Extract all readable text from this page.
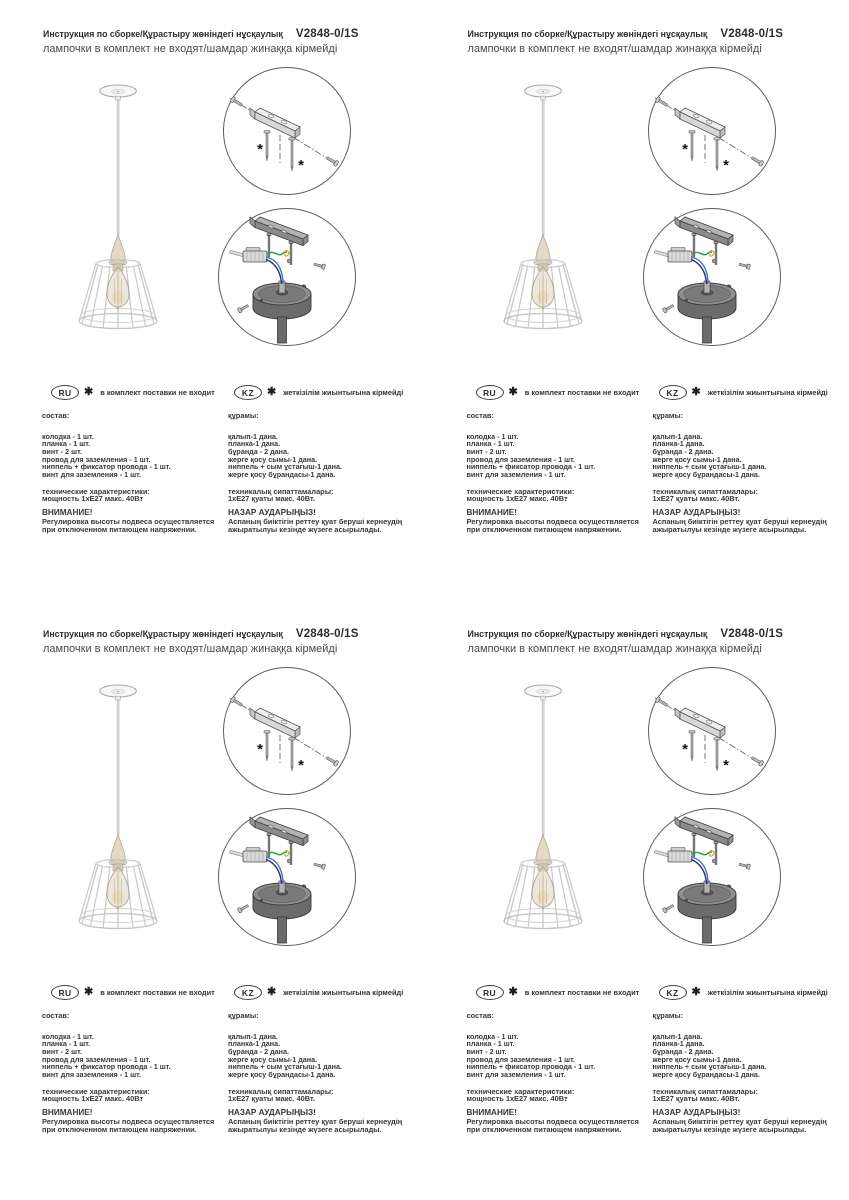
Инструкция по сборке/Құрастыру жөніндегі нұсқаулық V2848-0/1S
лампочки в комплект не входят/шамдар жинаққа кірмейді
*
*
RU	✱ в комплект поставки не входит	KZ	✱ жеткізілім жиынтығына кірмейді
состав:
колодка - 1 шт.
планка - 1 шт.
винт - 2 шт.
провод для заземления - 1 шт.
ниппель + фиксатор провода - 1 шт.
винт для заземления - 1 шт.
технические характеристики:
мощность 1хЕ27 макс. 40Вт
ВНИМАНИЕ!
Регулировка высоты подвеса осуществляется
при отключенном питающем напряжении.
құрамы:
қалып-1 дана.
планка-1 дана.
бұранда - 2 дана.
жерге қосу сымы-1 дана.
ниппель + сым ұстағыш-1 дана.
жерге қосу бұрандасы-1 дана.
техникалық сипаттамалары:
1хЕ27 қуаты макс. 40Вт.
НАЗАР АУДАРЫҢЫЗ!
Аспаның биіктігін реттеу қуат беруші кернеудің
ажыратылуы кезінде жүзеге асырылады.
Инструкция по сборке/Құрастыру жөніндегі нұсқаулық V2848-0/1S
лампочки в комплект не входят/шамдар жинаққа кірмейді
*
*
RU	✱ в комплект поставки не входит	KZ	✱ жеткізілім жиынтығына кірмейді
состав:
колодка - 1 шт.
планка - 1 шт.
винт - 2 шт.
провод для заземления - 1 шт.
ниппель + фиксатор провода - 1 шт.
винт для заземления - 1 шт.
технические характеристики:
мощность 1хЕ27 макс. 40Вт
ВНИМАНИЕ!
Регулировка высоты подвеса осуществляется
при отключенном питающем напряжении.
құрамы:
қалып-1 дана.
планка-1 дана.
бұранда - 2 дана.
жерге қосу сымы-1 дана.
ниппель + сым ұстағыш-1 дана.
жерге қосу бұрандасы-1 дана.
техникалық сипаттамалары:
1хЕ27 қуаты макс. 40Вт.
НАЗАР АУДАРЫҢЫЗ!
Аспаның биіктігін реттеу қуат беруші кернеудің
ажыратылуы кезінде жүзеге асырылады.
Инструкция по сборке/Құрастыру жөніндегі нұсқаулық V2848-0/1S
лампочки в комплект не входят/шамдар жинаққа кірмейді
*
*
RU	✱ в комплект поставки не входит	KZ	✱ жеткізілім жиынтығына кірмейді
состав:
колодка - 1 шт.
планка - 1 шт.
винт - 2 шт.
провод для заземления - 1 шт.
ниппель + фиксатор провода - 1 шт.
винт для заземления - 1 шт.
технические характеристики:
мощность 1хЕ27 макс. 40Вт
ВНИМАНИЕ!
Регулировка высоты подвеса осуществляется
при отключенном питающем напряжении.
құрамы:
қалып-1 дана.
планка-1 дана.
бұранда - 2 дана.
жерге қосу сымы-1 дана.
ниппель + сым ұстағыш-1 дана.
жерге қосу бұрандасы-1 дана.
техникалық сипаттамалары:
1хЕ27 қуаты макс. 40Вт.
НАЗАР АУДАРЫҢЫЗ!
Аспаның биіктігін реттеу қуат беруші кернеудің
ажыратылуы кезінде жүзеге асырылады.
Инструкция по сборке/Құрастыру жөніндегі нұсқаулық V2848-0/1S
лампочки в комплект не входят/шамдар жинаққа кірмейді
*
*
RU	✱ в комплект поставки не входит	KZ	✱ жеткізілім жиынтығына кірмейді
состав:
колодка - 1 шт.
планка - 1 шт.
винт - 2 шт.
провод для заземления - 1 шт.
ниппель + фиксатор провода - 1 шт.
винт для заземления - 1 шт.
технические характеристики:
мощность 1хЕ27 макс. 40Вт
ВНИМАНИЕ!
Регулировка высоты подвеса осуществляется
при отключенном питающем напряжении.
құрамы:
қалып-1 дана.
планка-1 дана.
бұранда - 2 дана.
жерге қосу сымы-1 дана.
ниппель + сым ұстағыш-1 дана.
жерге қосу бұрандасы-1 дана.
техникалық сипаттамалары:
1хЕ27 қуаты макс. 40Вт.
НАЗАР АУДАРЫҢЫЗ!
Аспаның биіктігін реттеу қуат беруші кернеудің
ажыратылуы кезінде жүзеге асырылады.
